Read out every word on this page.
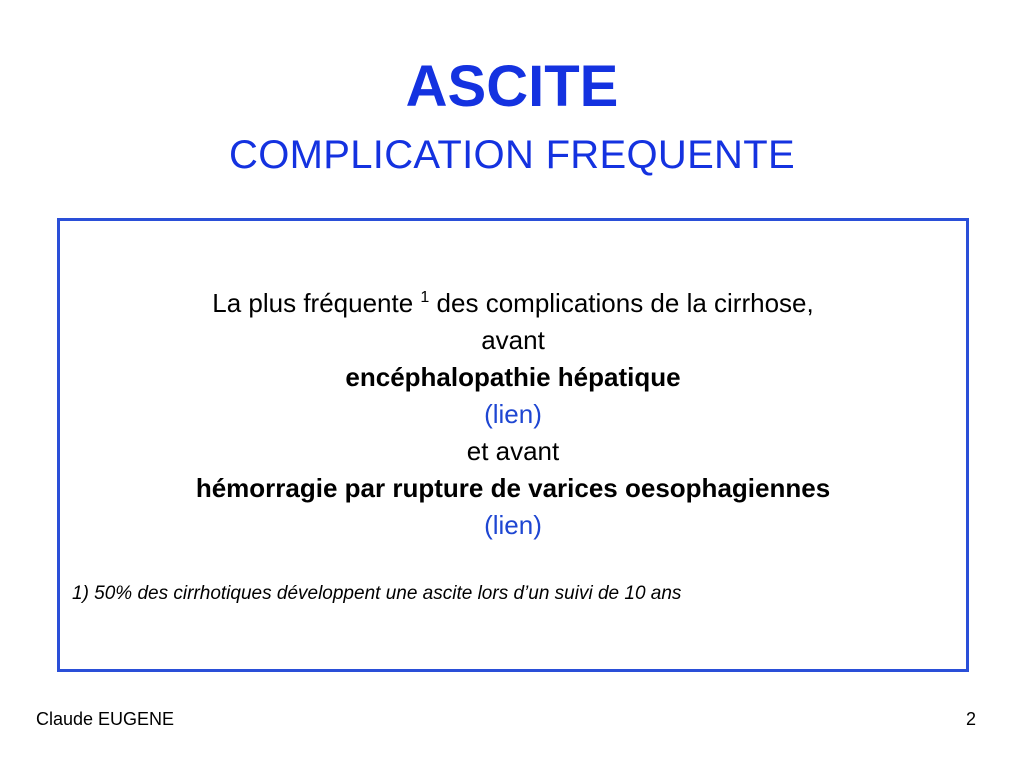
ASCITE
COMPLICATION FREQUENTE
La plus fréquente $^1$ des complications de la cirrhose,
avant
encéphalopathie hépatique
(lien)
et avant
hémorragie par rupture de varices oesophagiennes
(lien)
1) 50% des cirrhotiques développent une ascite lors d’un suivi de 10 ans
Claude EUGENE	2
